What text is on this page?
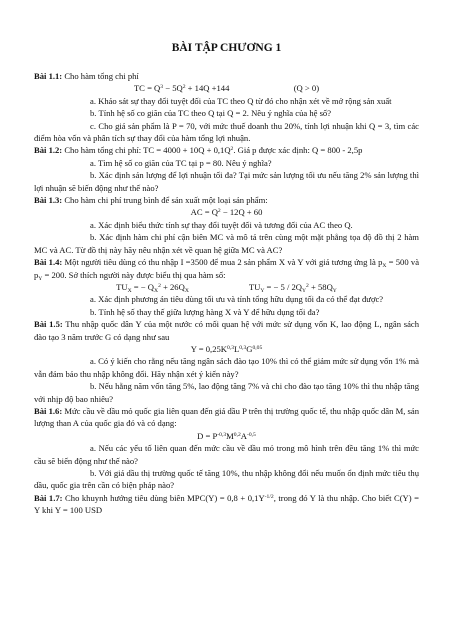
BÀI TẬP CHƯƠNG 1

Bài 1.1: Cho hàm tổng chi phí

TC = $Q^3 - 5Q^2 + 14Q +144$	(Q > 0)

a. Khảo sát sự thay đổi tuyệt đối của TC theo Q từ đó cho nhận xét về mở rộng sản xuất

b. Tính hệ số co giãn của TC theo Q tại Q = 2. Nêu ý nghĩa của hệ số?

c. Cho giá sản phẩm là P = 70, với mức thuế doanh thu 20%, tính lợi nhuận khi Q = 3, tìm các điểm hòa vốn và phân tích sự thay đổi của hàm tổng lợi nhuận.

Bài 1.2: Cho hàm tổng chi phí: TC = $4000 + 10Q + 0,1Q^2$. Giá p được xác định: Q = 800 - 2,5p

a. Tìm hệ số co giãn của TC tại p = 80. Nêu ý nghĩa?

b. Xác định sản lượng để lợi nhuận tối đa? Tại mức sản lượng tối ưu nếu tăng 2% sản lượng thì lợi nhuận sẽ biến động như thế nào?

Bài 1.3: Cho hàm chi phí trung bình để sản xuất một loại sản phẩm:

AC = $Q^2 - 12Q + 60$

a. Xác định biểu thức tính sự thay đổi tuyệt đối và tương đối của AC theo Q.

b. Xác định hàm chi phí cận biên MC và mô tả trên cùng một mặt phẳng tọa độ đồ thị 2 hàm MC và AC. Từ đồ thị này hãy nêu nhận xét về quan hệ giữa MC và AC?

Bài 1.4: Một người tiêu dùng có thu nhập I =3500 để mua 2 sản phẩm X và Y với giá tương ứng là $p_X = 500$ và $p_Y = 200$. Sở thích người này được biểu thị qua hàm số:

$TU_X$ = − $Q_X^2 + 26Q_X$	$TU_Y$ = − $5 / 2Q_Y^2 + 58Q_Y$

a. Xác định phương án tiêu dùng tối ưu và tính tổng hữu dụng tối đa có thể đạt được?

b. Tính hệ số thay thế giữa lượng hàng X và Y để hữu dụng tối đa?

Bài 1.5: Thu nhập quốc dân Y của một nước có mối quan hệ với mức sử dụng vốn K, lao động L, ngân sách đào tạo 3 năm trước G có dạng như sau

$Y = 0,25K^{0,3}L^{0,3}G^{0,05}$

a. Có ý kiến cho rằng nếu tăng ngân sách đào tạo 10% thì có thể giảm mức sử dụng vốn 1% mà vẫn đảm bảo thu nhập không đổi. Hãy nhận xét ý kiến này?

b. Nếu hằng năm vốn tăng 5%, lao động tăng 7% và chi cho đào tạo tăng 10% thì thu nhập tăng với nhịp độ bao nhiêu?

Bài 1.6: Mức cầu về dầu mỏ quốc gia liên quan đến giá dầu P trên thị trường quốc tế, thu nhập quốc dân M, sản lượng than A của quốc gia đó và có dạng:

$D = P^{-0,3}M^{0,2}A^{-0,5}$

a. Nếu các yếu tố liên quan đến mức cầu về dầu mỏ trong mô hình trên đều tăng 1% thì mức cầu sẽ biến động như thế nào?

b. Với giá dầu thị trường quốc tế tăng 10%, thu nhập không đổi nếu muốn ổn định mức tiêu thụ dầu, quốc gia trên cần có biện pháp nào?

Bài 1.7: Cho khuynh hướng tiêu dùng biên $MPC(Y) = 0,8 + 0,1Y^{-1/2}$, trong đó Y là thu nhập. Cho biết C(Y) = Y khi Y = 100 USD
